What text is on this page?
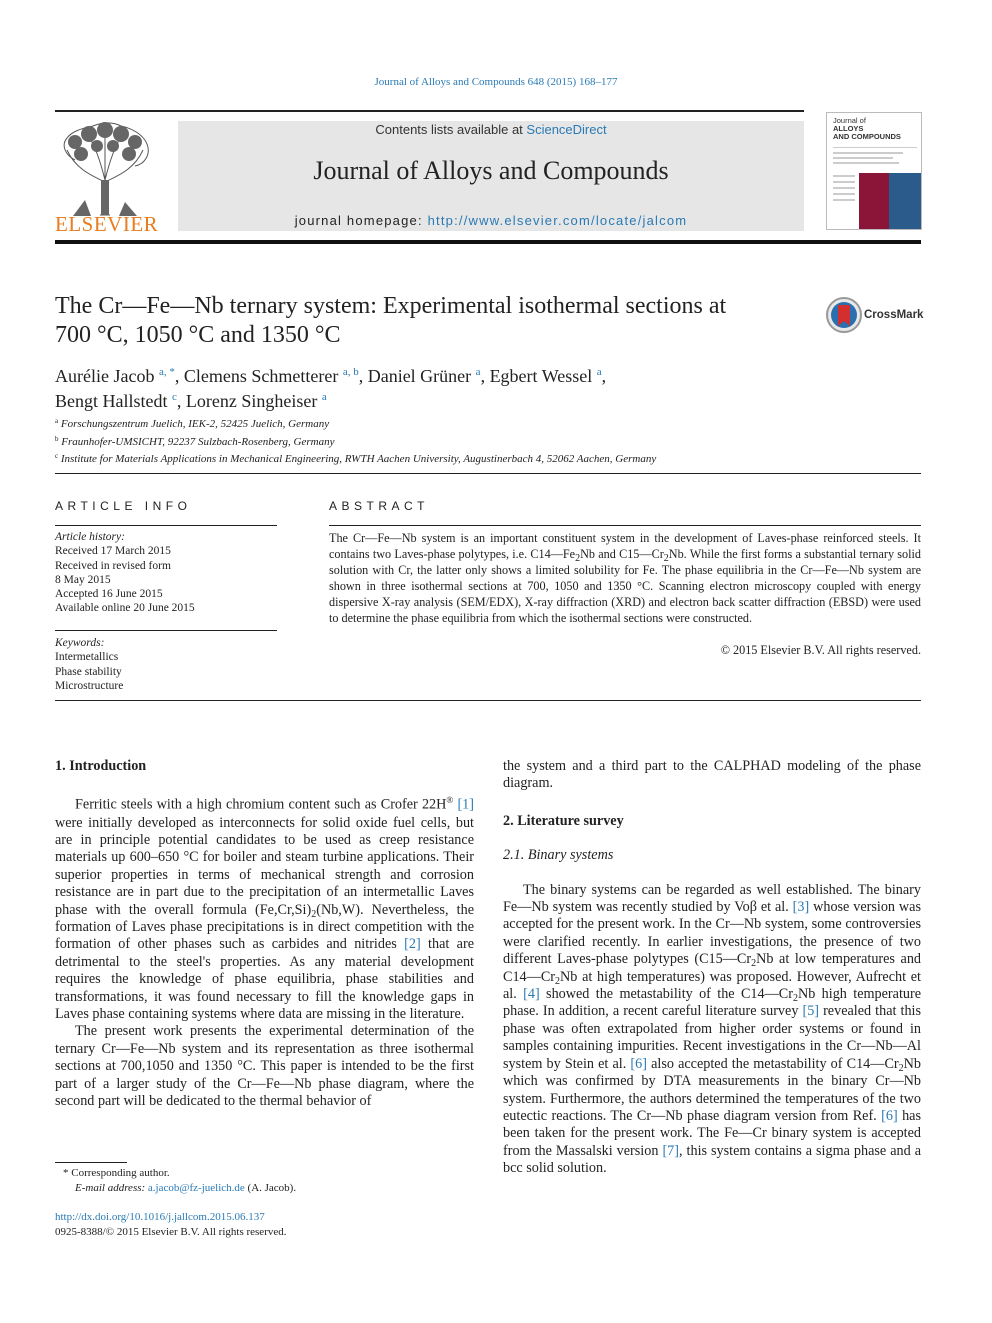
Journal of Alloys and Compounds 648 (2015) 168–177
ELSEVIER
Contents lists available at ScienceDirect
Journal of Alloys and Compounds
journal homepage: http://www.elsevier.com/locate/jalcom
Journal of
ALLOYS
AND COMPOUNDS
The Cr—Fe—Nb ternary system: Experimental isothermal sections at
700 °C, 1050 °C and 1350 °C
CrossMark
Aurélie Jacob $^{a, *}$, Clemens Schmetterer $^{a, b}$, Daniel Grüner $^a$, Egbert Wessel $^a$,
Bengt Hallstedt $^c$, Lorenz Singheiser $^a$
$^a$ Forschungszentrum Juelich, IEK-2, 52425 Juelich, Germany
$^b$ Fraunhofer-UMSICHT, 92237 Sulzbach-Rosenberg, Germany
$^c$ Institute for Materials Applications in Mechanical Engineering, RWTH Aachen University, Augustinerbach 4, 52062 Aachen, Germany
ARTICLE INFO	ABSTRACT
Article history:
Received 17 March 2015
Received in revised form
8 May 2015
Accepted 16 June 2015
Available online 20 June 2015
Keywords:
Intermetallics
Phase stability
Microstructure
The Cr—Fe—Nb system is an important constituent system in the development of Laves-phase reinforced steels. It contains two Laves-phase polytypes, i.e. $C14—Fe_2Nb$ and $C15—Cr_2Nb$. While the first forms a substantial ternary solid solution with Cr, the latter only shows a limited solubility for Fe. The phase equilibria in the Cr—Fe—Nb system are shown in three isothermal sections at 700, 1050 and 1350 °C. Scanning electron microscopy coupled with energy dispersive X-ray analysis (SEM/EDX), X-ray diffraction (XRD) and electron back scatter diffraction (EBSD) were used to determine the phase equilibria from which the isothermal sections were constructed.
© 2015 Elsevier B.V. All rights reserved.
1. Introduction

Ferritic steels with a high chromium content such as Crofer 22H® [1] were initially developed as interconnects for solid oxide fuel cells, but are in principle potential candidates to be used as creep resistance materials up 600–650 °C for boiler and steam turbine applications. Their superior properties in terms of mechanical strength and corrosion resistance are in part due to the precipitation of an intermetallic Laves phase with the overall formula $(Fe,Cr,Si)_2(Nb,W)$. Nevertheless, the formation of Laves phase precipitations is in direct competition with the formation of other phases such as carbides and nitrides [2] that are detrimental to the steel's properties. As any material development requires the knowledge of phase equilibria, phase stabilities and transformations, it was found necessary to fill the knowledge gaps in Laves phase containing systems where data are missing in the literature.

The present work presents the experimental determination of the ternary Cr—Fe—Nb system and its representation as three isothermal sections at 700,1050 and 1350 °C. This paper is intended to be the first part of a larger study of the Cr—Fe—Nb phase diagram, where the second part will be dedicated to the thermal behavior of

the system and a third part to the CALPHAD modeling of the phase diagram.
2. Literature survey
2.1. Binary systems

The binary systems can be regarded as well established. The binary Fe—Nb system was recently studied by Voβ et al. [3] whose version was accepted for the present work. In the Cr—Nb system, some controversies were clarified recently. In earlier investigations, the presence of two different Laves-phase polytypes ($C15—Cr_2Nb$ at low temperatures and $C14—Cr_2Nb$ at high temperatures) was proposed. However, Aufrecht et al. [4] showed the metastability of the $C14—Cr_2Nb$ high temperature phase. In addition, a recent careful literature survey [5] revealed that this phase was often extrapolated from higher order systems or found in samples containing impurities. Recent investigations in the Cr—Nb—Al system by Stein et al. [6] also accepted the metastability of $C14—Cr_2Nb$ which was confirmed by DTA measurements in the binary Cr—Nb system. Furthermore, the authors determined the temperatures of the two eutectic reactions. The Cr—Nb phase diagram version from Ref. [6] has been taken for the present work. The Fe—Cr binary system is accepted from the Massalski version [7], this system contains a sigma phase and a bcc solid solution.

* Corresponding author.
E-mail address: a.jacob@fz-juelich.de (A. Jacob).
http://dx.doi.org/10.1016/j.jallcom.2015.06.137
0925-8388/© 2015 Elsevier B.V. All rights reserved.
